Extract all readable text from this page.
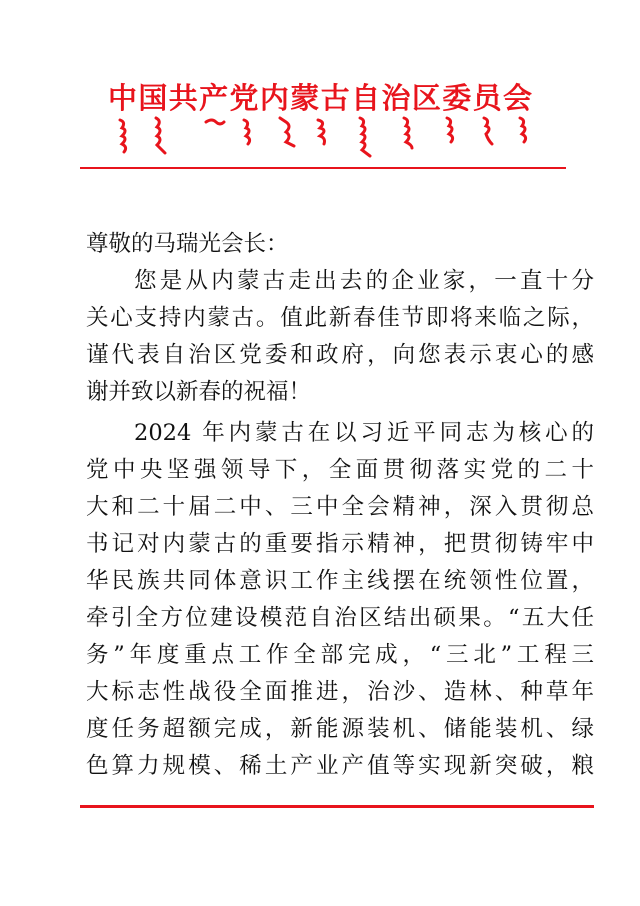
中国共产党内蒙古自治区委员会
尊敬的马瑞光会长：
您是从内蒙古走出去的企业家，一直十分
关心支持内蒙古。值此新春佳节即将来临之际，
谨代表自治区党委和政府，向您表示衷心的感
谢并致以新春的祝福！
2024 年内蒙古在以习近平同志为核心的
党中央坚强领导下，全面贯彻落实党的二十
大和二十届二中、三中全会精神，深入贯彻总
书记对内蒙古的重要指示精神，把贯彻铸牢中
华民族共同体意识工作主线摆在统领性位置，
牵引全方位建设模范自治区结出硕果。“五大任
务”年度重点工作全部完成，“三北”工程三
大标志性战役全面推进，治沙、造林、种草年
度任务超额完成，新能源装机、储能装机、绿
色算力规模、稀土产业产值等实现新突破，粮
